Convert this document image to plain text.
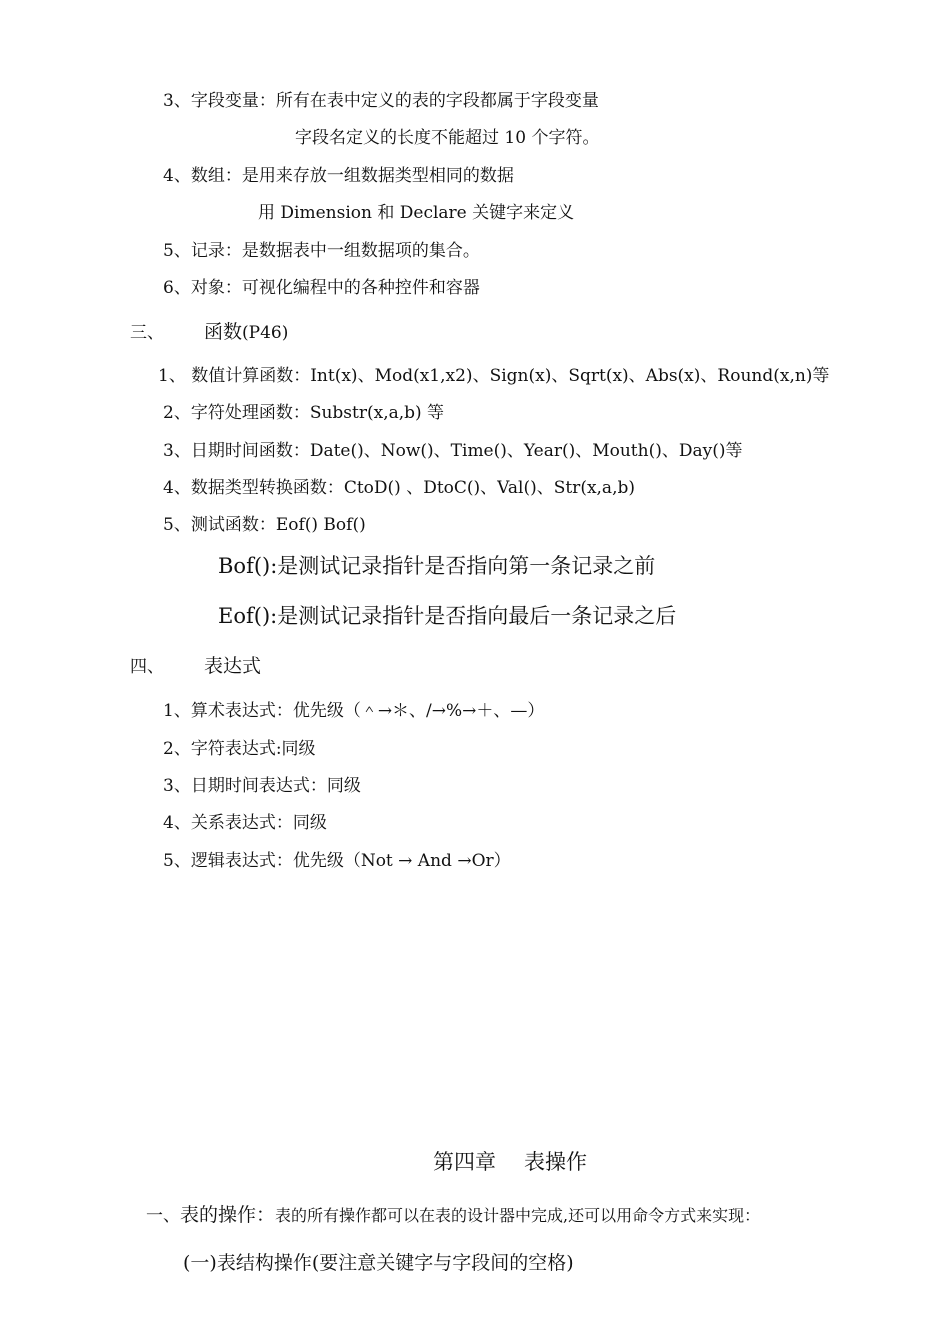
3、字段变量：所有在表中定义的表的字段都属于字段变量
字段名定义的长度不能超过 10 个字符。
4、数组：是用来存放一组数据类型相同的数据
用 Dimension 和 Declare 关键字来定义
5、记录：是数据表中一组数据项的集合。
6、对象：可视化编程中的各种控件和容器
三、 函数(P46)
1、 数值计算函数：Int(x)、Mod(x1,x2)、Sign(x)、Sqrt(x)、Abs(x)、Round(x,n)等
2、字符处理函数：Substr(x,a,b) 等
3、日期时间函数：Date()、Now()、Time()、Year()、Mouth()、Day()等
4、数据类型转换函数：CtoD() 、DtoC()、Val()、Str(x,a,b)
5、测试函数：Eof() Bof()
Bof():是测试记录指针是否指向第一条记录之前
Eof():是测试记录指针是否指向最后一条记录之后
四、 表达式
1、算术表达式：优先级（＾→＊、/→%→＋、—）
2、字符表达式:同级
3、日期时间表达式：同级
4、关系表达式：同级
5、逻辑表达式：优先级（Not → And →Or）
第四章 表操作
一、表的操作：表的所有操作都可以在表的设计器中完成,还可以用命令方式来实现：
(一)表结构操作(要注意关键字与字段间的空格)
